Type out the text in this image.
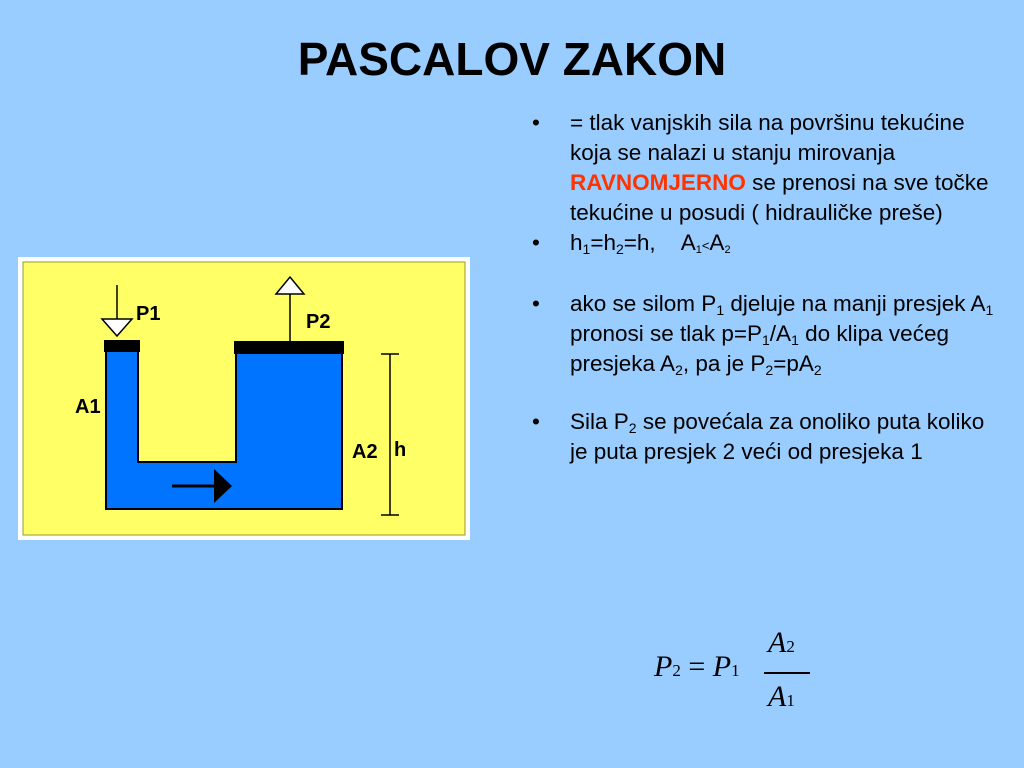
PASCALOV ZAKON
P1	P2
A1
A2 h
• = tlak vanjskih sila na površinu tekućine koja se nalazi u stanju mirovanja RAVNOMJERNO se prenosi na sve točke tekućine u posudi ( hidrauličke preše)
• $h_1=h_2=h$, A1<A2
• ako se silom $P_1$ djeluje na manji presjek $A_1$ pronosi se tlak $p=P_1/A_1$ do klipa većeg presjeka $A_2$, pa je $P_2=pA_2$
• Sila $P_2$ se povećala za onoliko puta koliko je puta presjek 2 veći od presjeka 1
P2 = P1
A2
A1
